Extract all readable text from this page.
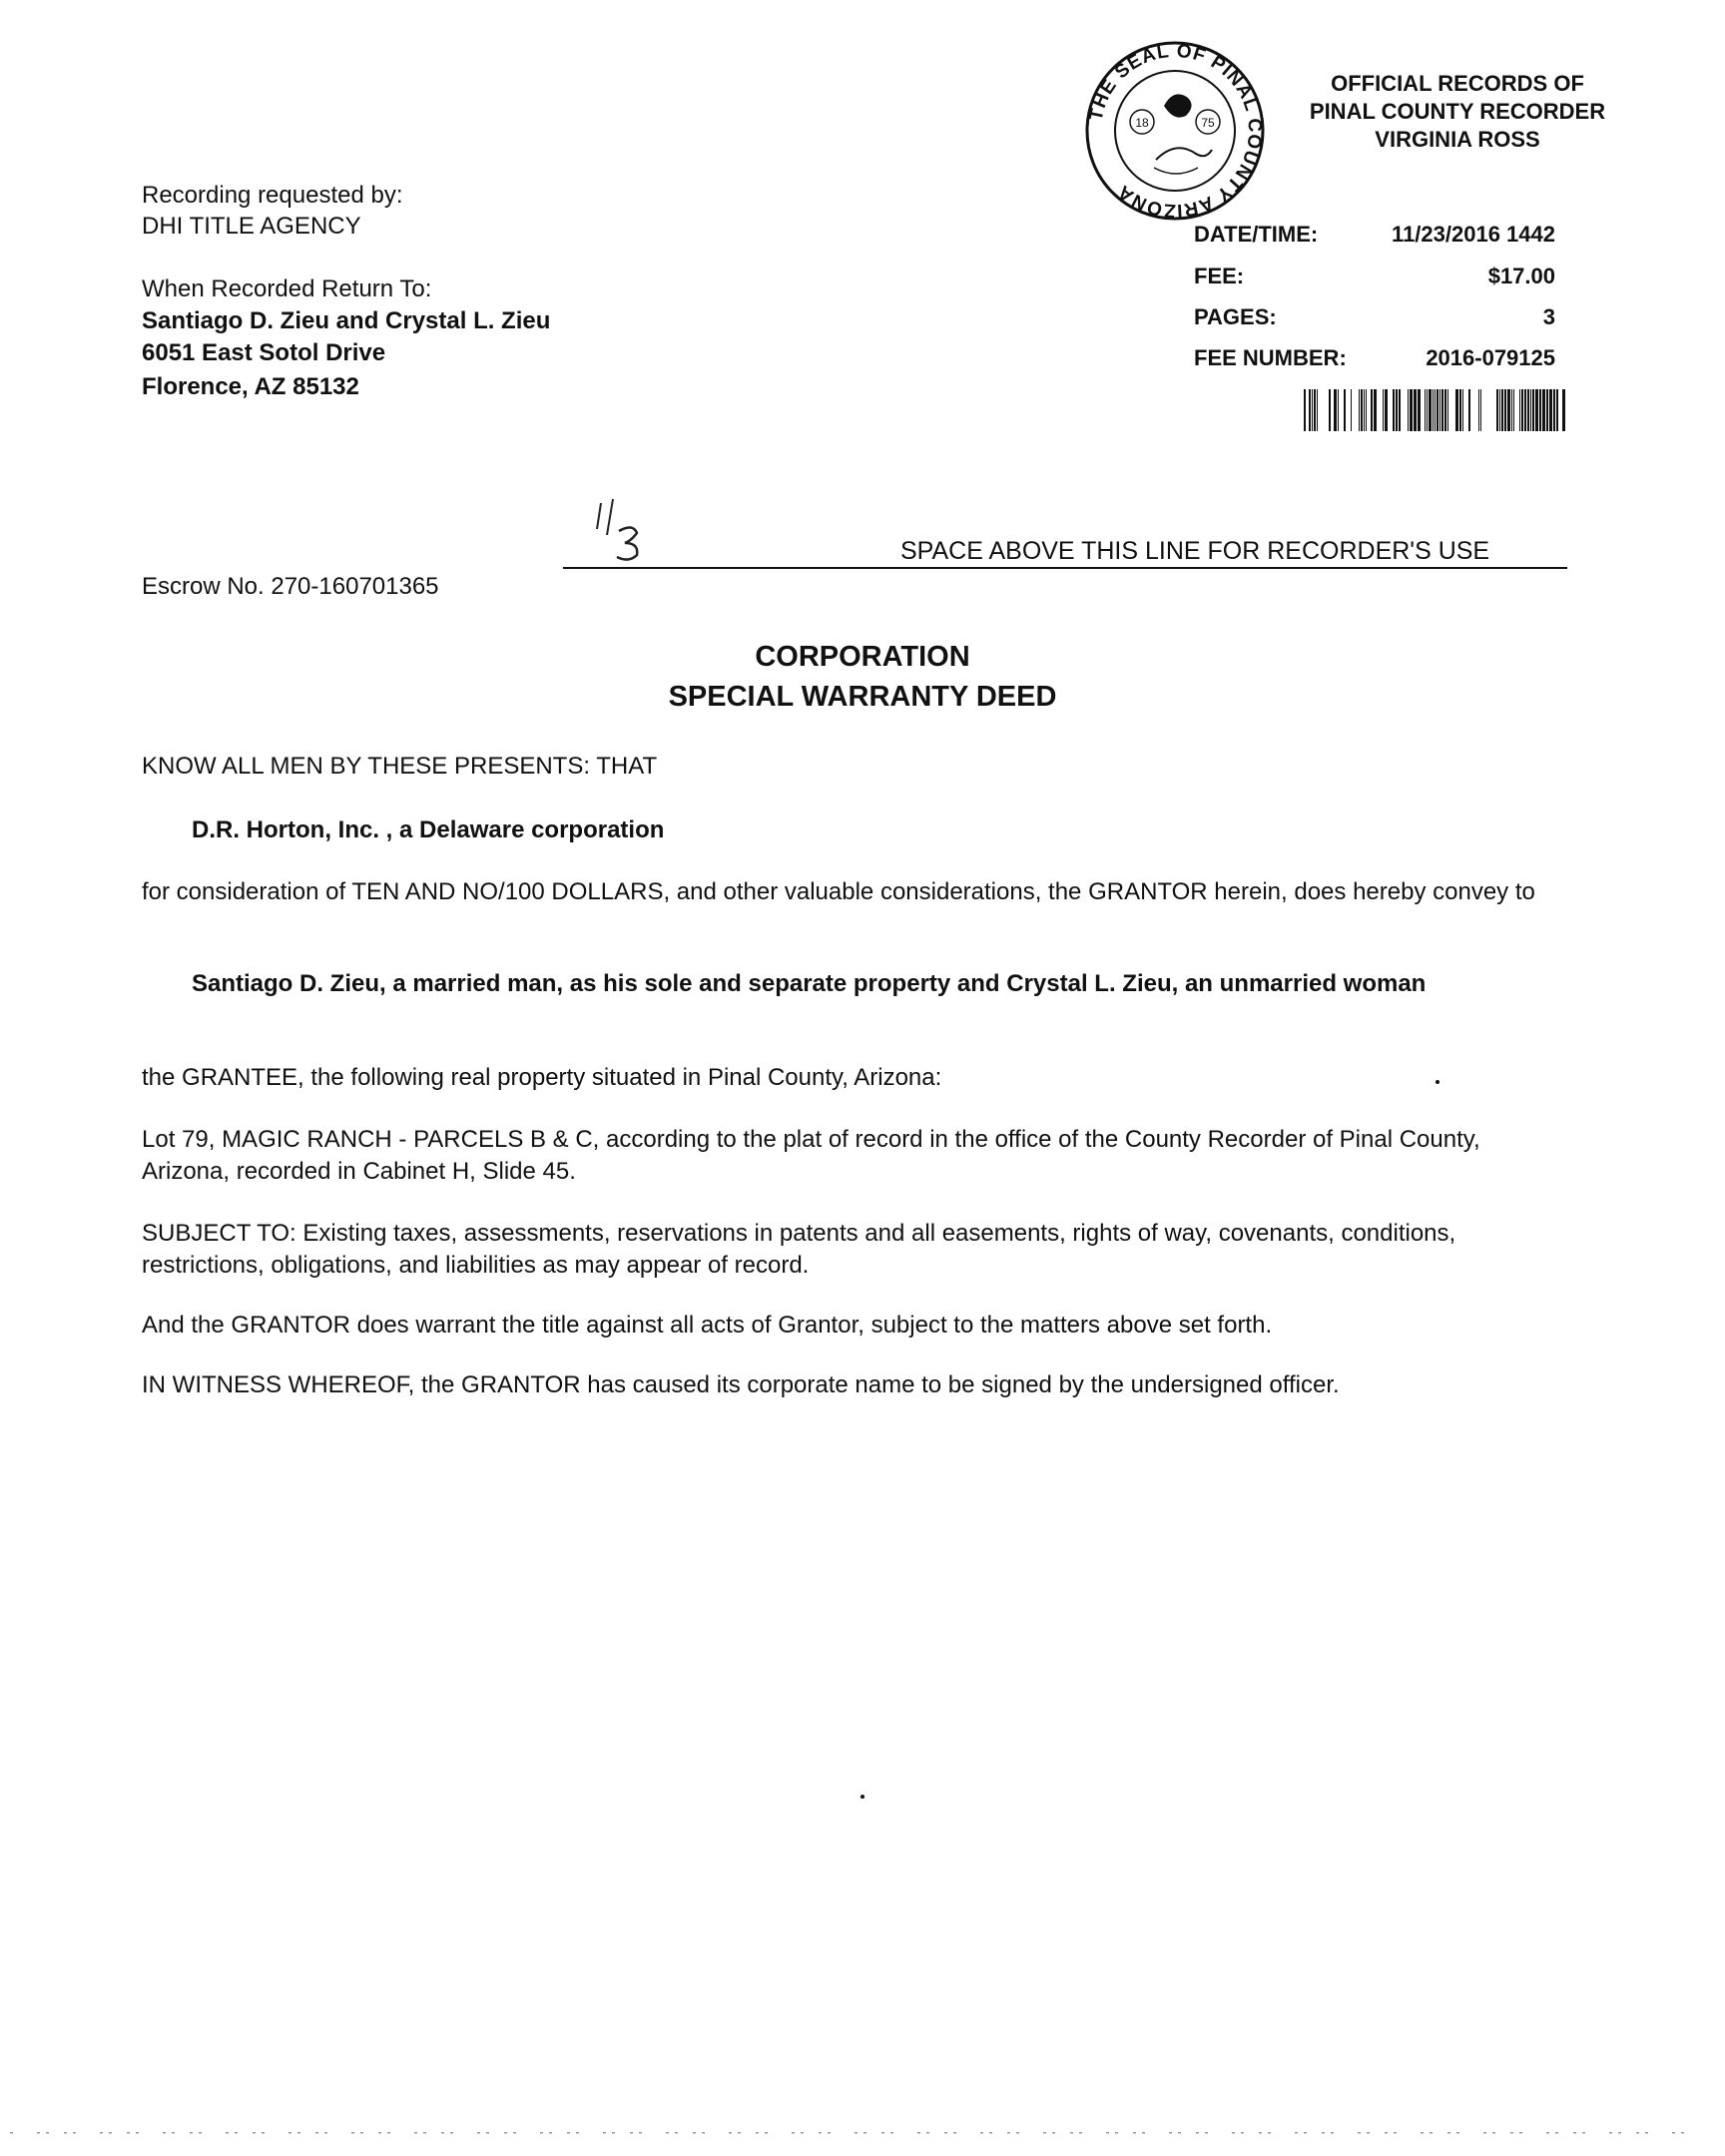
THE SEAL OF PINAL COUNTY ARIZONA
18	75
OFFICIAL RECORDS OF
PINAL COUNTY RECORDER
VIRGINIA ROSS
Recording requested by:
DHI TITLE AGENCY
When Recorded Return To:
Santiago D. Zieu and Crystal L. Zieu
6051 East Sotol Drive
Florence, AZ 85132
DATE/TIME:	11/23/2016 1442
FEE:	$17.00
PAGES:	3
FEE NUMBER:	2016-079125
SPACE ABOVE THIS LINE FOR RECORDER'S USE
Escrow No. 270-160701365
CORPORATION
SPECIAL WARRANTY DEED
KNOW ALL MEN BY THESE PRESENTS: THAT
D.R. Horton, Inc. , a Delaware corporation
for consideration of TEN AND NO/100 DOLLARS, and other valuable considerations, the GRANTOR herein, does hereby convey to
Santiago D. Zieu, a married man, as his sole and separate property and Crystal L. Zieu, an unmarried woman
the GRANTEE, the following real property situated in Pinal County, Arizona:
Lot 79, MAGIC RANCH - PARCELS B & C, according to the plat of record in the office of the County Recorder of Pinal County, Arizona, recorded in Cabinet H, Slide 45.
SUBJECT TO: Existing taxes, assessments, reservations in patents and all easements, rights of way, covenants, conditions, restrictions, obligations, and liabilities as may appear of record.
And the GRANTOR does warrant the title against all acts of Grantor, subject to the matters above set forth.
IN WITNESS WHEREOF, the GRANTOR has caused its corporate name to be signed by the undersigned officer.
